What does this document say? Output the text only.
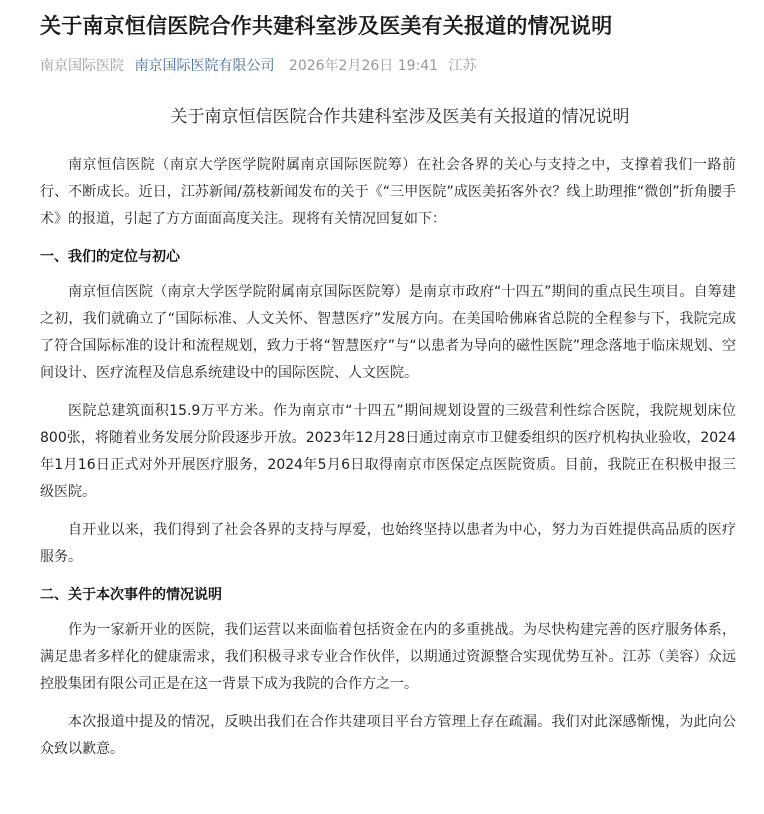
关于南京恒信医院合作共建科室涉及医美有关报道的情况说明
南京国际医院 南京国际医院有限公司 2026年2月26日 19:41 江苏
关于南京恒信医院合作共建科室涉及医美有关报道的情况说明

南京恒信医院（南京大学医学院附属南京国际医院筹）在社会各界的关心与支持之中，支撑着我们一路前行、不断成长。近日，江苏新闻/荔枝新闻发布的关于《“三甲医院”成医美拓客外衣？线上助理推“微创”折角腰手术》的报道，引起了方方面面高度关注。现将有关情况回复如下：

一、我们的定位与初心

南京恒信医院（南京大学医学院附属南京国际医院筹）是南京市政府“十四五”期间的重点民生项目。自筹建之初，我们就确立了“国际标准、人文关怀、智慧医疗”发展方向。在美国哈佛麻省总院的全程参与下，我院完成了符合国际标准的设计和流程规划，致力于将“智慧医疗”与“以患者为导向的磁性医院”理念落地于临床规划、空间设计、医疗流程及信息系统建设中的国际医院、人文医院。

医院总建筑面积15.9万平方米。作为南京市“十四五”期间规划设置的三级营利性综合医院，我院规划床位800张，将随着业务发展分阶段逐步开放。2023年12月28日通过南京市卫健委组织的医疗机构执业验收，2024年1月16日正式对外开展医疗服务，2024年5月6日取得南京市医保定点医院资质。目前，我院正在积极申报三级医院。

自开业以来，我们得到了社会各界的支持与厚爱，也始终坚持以患者为中心，努力为百姓提供高品质的医疗服务。

二、关于本次事件的情况说明

作为一家新开业的医院，我们运营以来面临着包括资金在内的多重挑战。为尽快构建完善的医疗服务体系，满足患者多样化的健康需求，我们积极寻求专业合作伙伴，以期通过资源整合实现优势互补。江苏（美容）众远控股集团有限公司正是在这一背景下成为我院的合作方之一。

本次报道中提及的情况，反映出我们在合作共建项目平台方管理上存在疏漏。我们对此深感惭愧，为此向公众致以歉意。
